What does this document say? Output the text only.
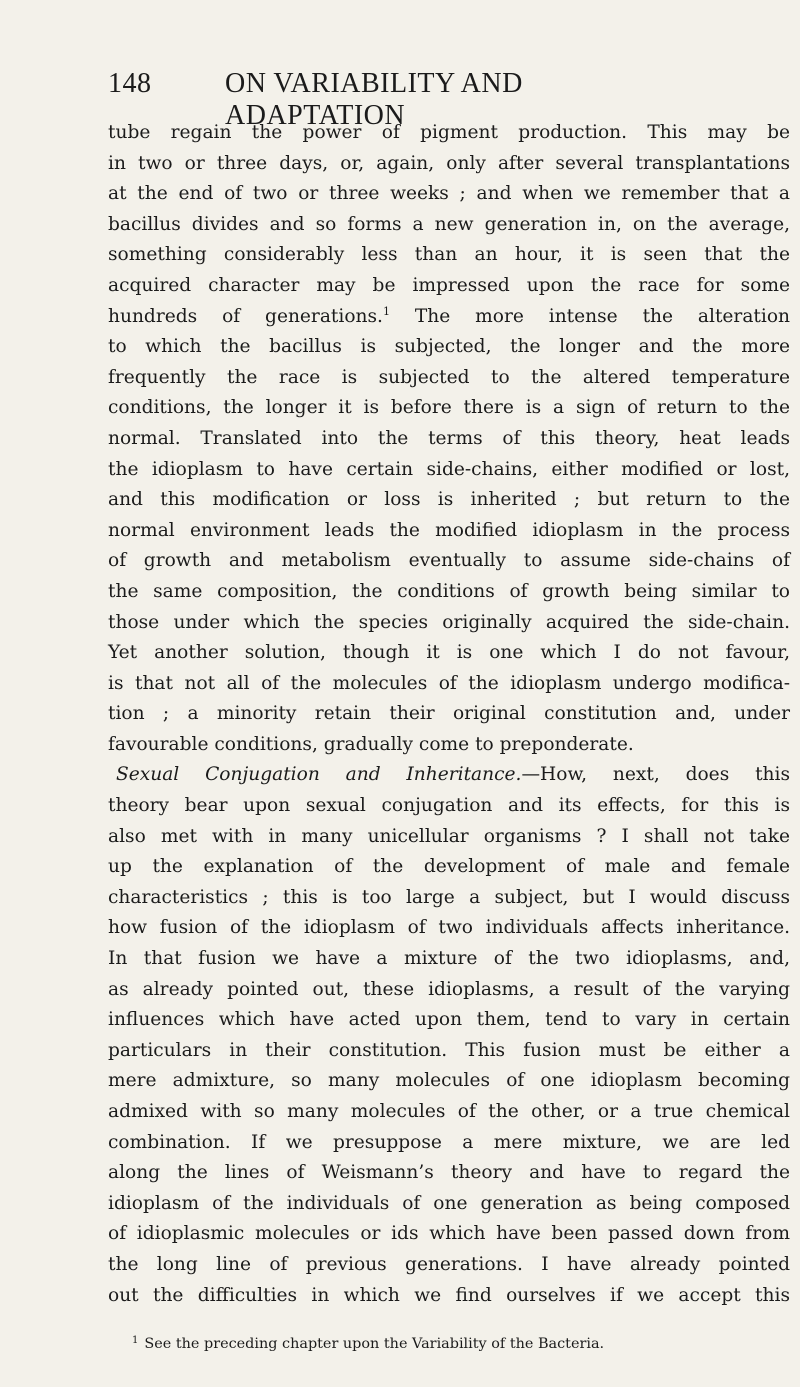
148	ON VARIABILITY AND ADAPTATION
tube regain the power of pigment production. This may be
in two or three days, or, again, only after several transplantations
at the end of two or three weeks ; and when we remember that a
bacillus divides and so forms a new generation in, on the average,
something considerably less than an hour, it is seen that the
acquired character may be impressed upon the race for some
hundreds of generations.$^1$ The more intense the alteration
to which the bacillus is subjected, the longer and the more
frequently the race is subjected to the altered temperature
conditions, the longer it is before there is a sign of return to the
normal. Translated into the terms of this theory, heat leads
the idioplasm to have certain side-chains, either modified or lost,
and this modification or loss is inherited ; but return to the
normal environment leads the modified idioplasm in the process
of growth and metabolism eventually to assume side-chains of
the same composition, the conditions of growth being similar to
those under which the species originally acquired the side-chain.
Yet another solution, though it is one which I do not favour,
is that not all of the molecules of the idioplasm undergo modifica-
tion ; a minority retain their original constitution and, under
favourable conditions, gradually come to preponderate.
Sexual Conjugation and Inheritance.—How, next, does this
theory bear upon sexual conjugation and its effects, for this is
also met with in many unicellular organisms ? I shall not take
up the explanation of the development of male and female
characteristics ; this is too large a subject, but I would discuss
how fusion of the idioplasm of two individuals affects inheritance.
In that fusion we have a mixture of the two idioplasms, and,
as already pointed out, these idioplasms, a result of the varying
influences which have acted upon them, tend to vary in certain
particulars in their constitution. This fusion must be either a
mere admixture, so many molecules of one idioplasm becoming
admixed with so many molecules of the other, or a true chemical
combination. If we presuppose a mere mixture, we are led
along the lines of Weismann’s theory and have to regard the
idioplasm of the individuals of one generation as being composed
of idioplasmic molecules or ids which have been passed down from
the long line of previous generations. I have already pointed
out the difficulties in which we find ourselves if we accept this
$^1$ See the preceding chapter upon the Variability of the Bacteria.
